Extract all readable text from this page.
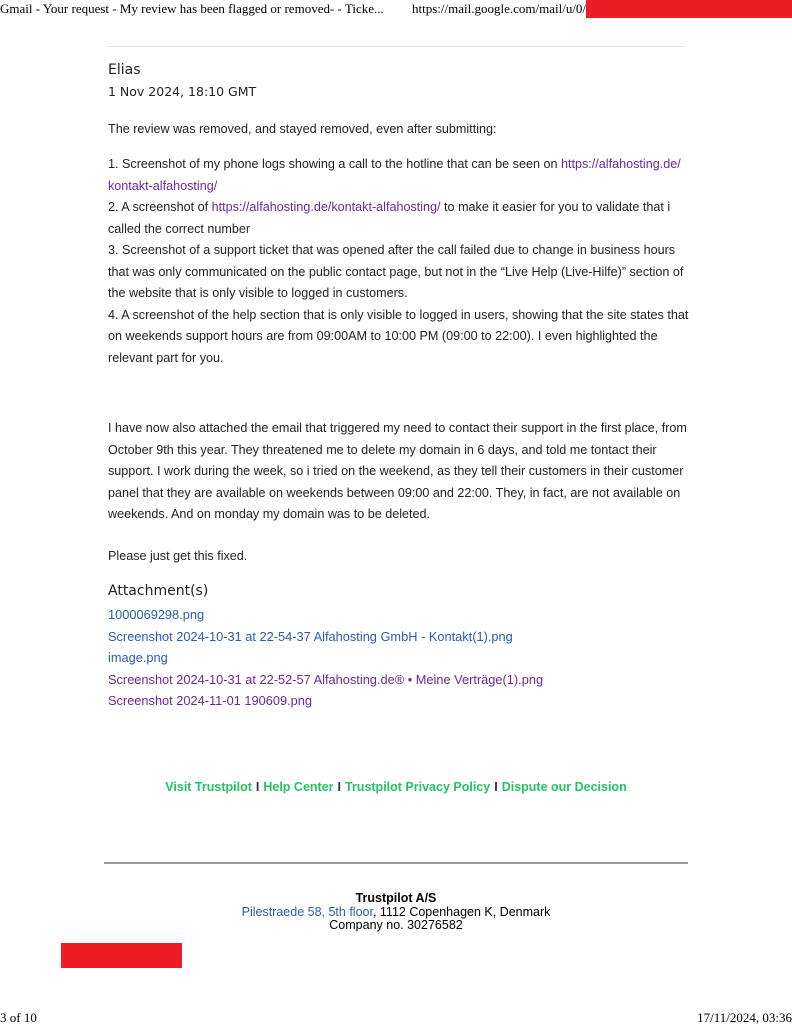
Gmail - Your request - My review has been flagged or removed- - Ticke... https://mail.google.com/mail/u/0/
Elias
1 Nov 2024, 18:10 GMT
The review was removed, and stayed removed, even after submitting:
1. Screenshot of my phone logs showing a call to the hotline that can be seen on https://alfahosting.de/ kontakt-alfahosting/
2. A screenshot of https://alfahosting.de/kontakt-alfahosting/ to make it easier for you to validate that i called the correct number
3. Screenshot of a support ticket that was opened after the call failed due to change in business hours that was only communicated on the public contact page, but not in the “Live Help (Live-Hilfe)” section of the website that is only visible to logged in customers.
4. A screenshot of the help section that is only visible to logged in users, showing that the site states that on weekends support hours are from 09:00AM to 10:00 PM (09:00 to 22:00). I even highlighted the relevant part for you.
I have now also attached the email that triggered my need to contact their support in the first place, from October 9th this year. They threatened me to delete my domain in 6 days, and told me tontact their support. I work during the week, so i tried on the weekend, as they tell their customers in their customer panel that they are available on weekends between 09:00 and 22:00. They, in fact, are not available on weekends. And on monday my domain was to be deleted.
Please just get this fixed.
Attachment(s)
1000069298.png
Screenshot 2024-10-31 at 22-54-37 Alfahosting GmbH - Kontakt(1).png
image.png
Screenshot 2024-10-31 at 22-52-57 Alfahosting.de® • Meine Verträge(1).png
Screenshot 2024-11-01 190609.png
Visit Trustpilot I Help Center I Trustpilot Privacy Policy I Dispute our Decision
Trustpilot A/S
Pilestraede 58, 5th floor, 1112 Copenhagen K, Denmark
Company no. 30276582
3 of 10	17/11/2024, 03:36
